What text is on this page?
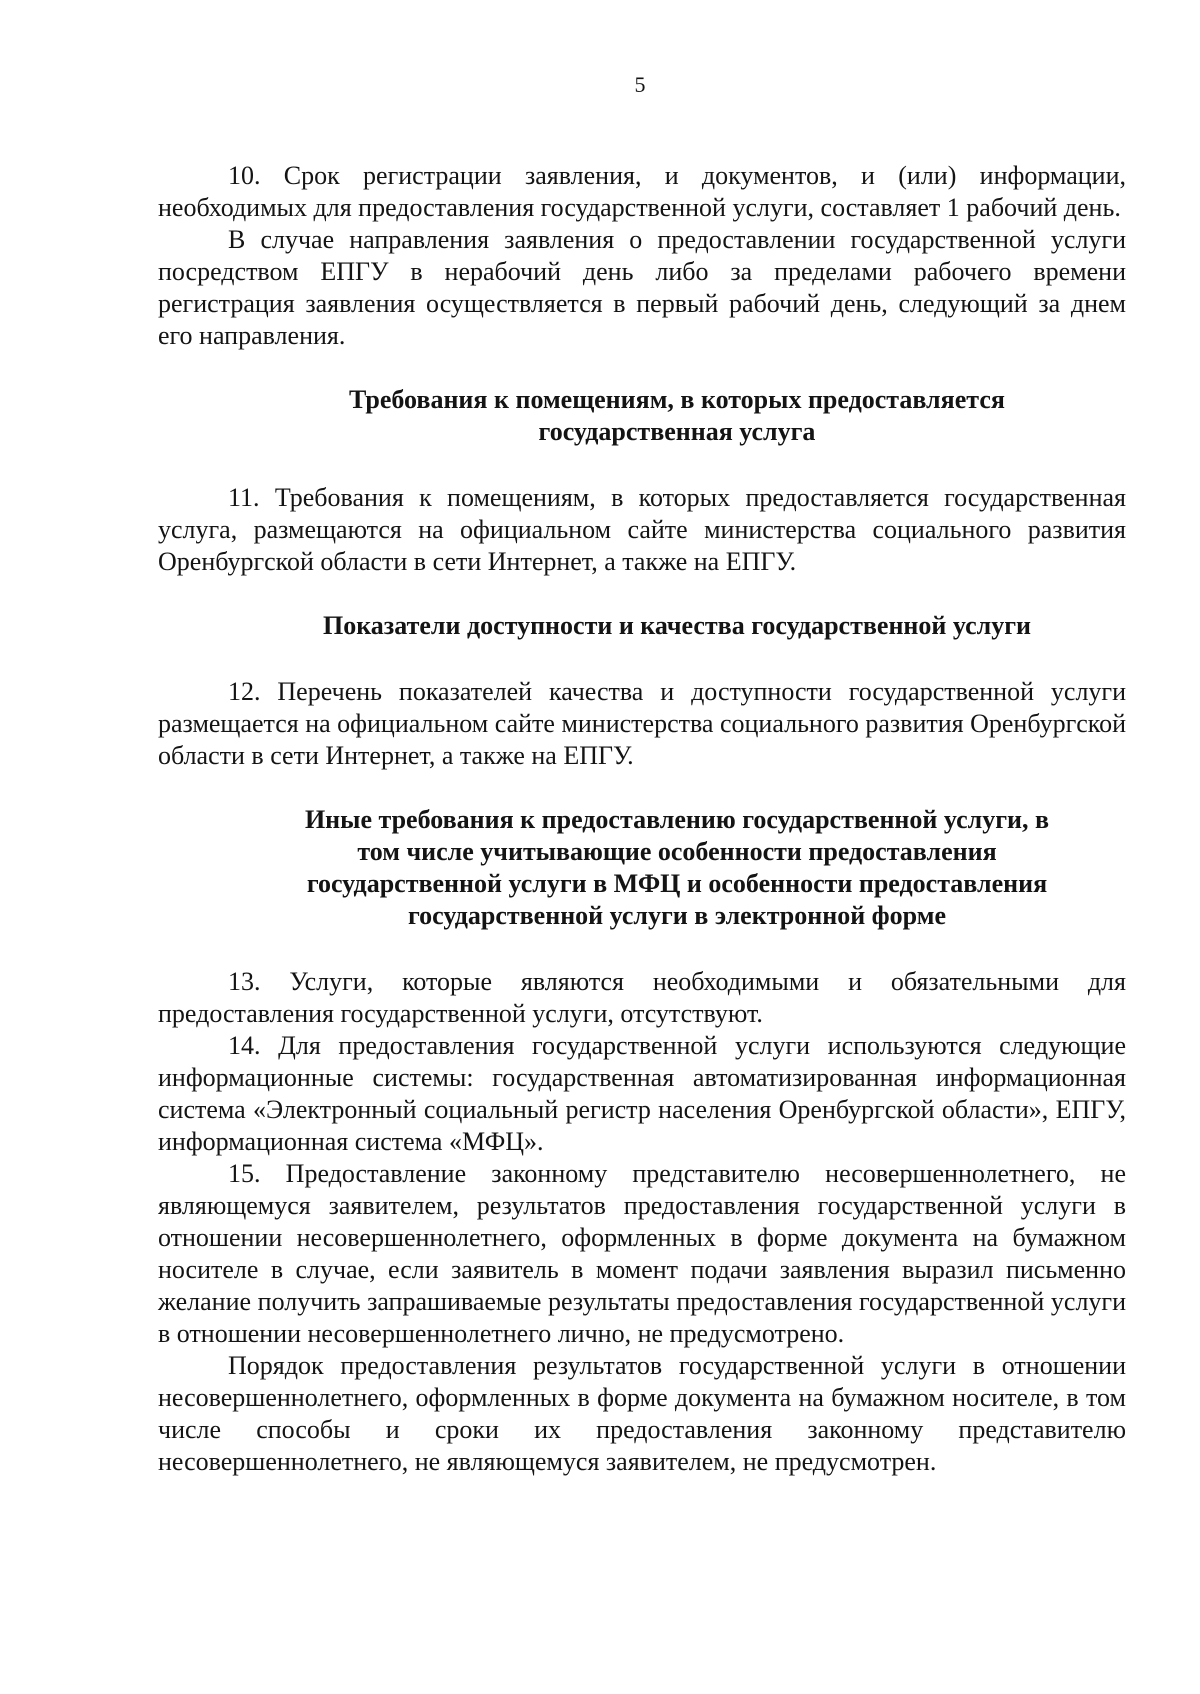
5

10. Срок регистрации заявления, и документов, и (или) информации, необходимых для предоставления государственной услуги, составляет 1 рабочий день.

В случае направления заявления о предоставлении государственной услуги посредством ЕПГУ в нерабочий день либо за пределами рабочего времени регистрация заявления осуществляется в первый рабочий день, следующий за днем его направления.

Требования к помещениям, в которых предоставляется
государственная услуга

11. Требования к помещениям, в которых предоставляется государственная услуга, размещаются на официальном сайте министерства социального развития Оренбургской области в сети Интернет, а также на ЕПГУ.

Показатели доступности и качества государственной услуги

12. Перечень показателей качества и доступности государственной услуги размещается на официальном сайте министерства социального развития Оренбургской области в сети Интернет, а также на ЕПГУ.

Иные требования к предоставлению государственной услуги, в
том числе учитывающие особенности предоставления
государственной услуги в МФЦ и особенности предоставления
государственной услуги в электронной форме

13. Услуги, которые являются необходимыми и обязательными для предоставления государственной услуги, отсутствуют.

14. Для предоставления государственной услуги используются следующие информационные системы: государственная автоматизированная информационная система «Электронный социальный регистр населения Оренбургской области», ЕПГУ, информационная система «МФЦ».

15. Предоставление законному представителю несовершеннолетнего, не являющемуся заявителем, результатов предоставления государственной услуги в отношении несовершеннолетнего, оформленных в форме документа на бумажном носителе в случае, если заявитель в момент подачи заявления выразил письменно желание получить запрашиваемые результаты предоставления государственной услуги в отношении несовершеннолетнего лично, не предусмотрено.

Порядок предоставления результатов государственной услуги в отношении несовершеннолетнего, оформленных в форме документа на бумажном носителе, в том числе способы и сроки их предоставления законному представителю несовершеннолетнего, не являющемуся заявителем, не предусмотрен.
